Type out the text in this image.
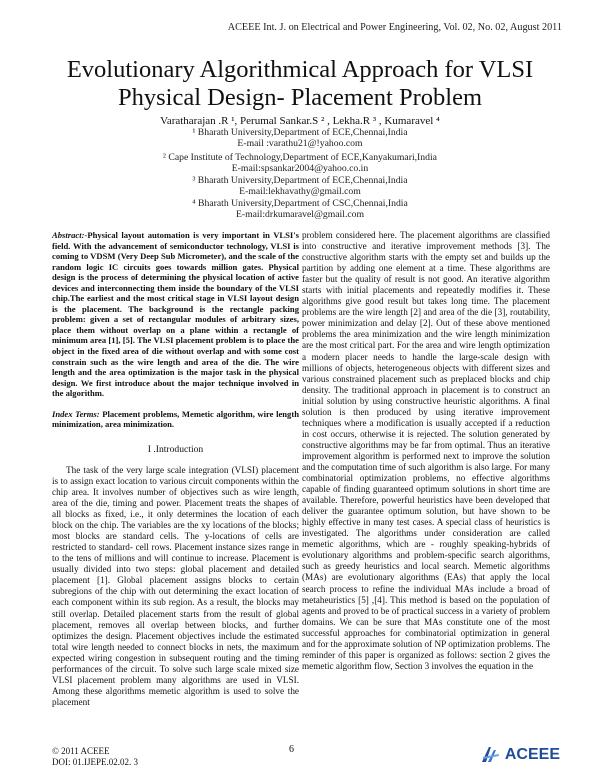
ACEEE Int. J. on Electrical and Power Engineering, Vol. 02, No. 02, August 2011
Evolutionary Algorithmical Approach for VLSI
Physical Design- Placement Problem
Varatharajan .R ¹, Perumal Sankar.S ² , Lekha.R ³ , Kumaravel ⁴
¹ Bharath University,Department of ECE,Chennai,India
E-mail :varathu21@!yahoo.com
² Cape Institute of Technology,Department of ECE,Kanyakumari,India
E-mail:spsankar2004@yahoo.co.in
³ Bharath University,Department of ECE,Chennai,India
E-mail:lekhavathy@gmail.com
⁴ Bharath University,Department of CSC,Chennai,India
E-mail:drkumaravel@gmail.com

Abstract:-Physical layout automation is very important in VLSI's field. With the advancement of semiconductor technology, VLSI is coming to VDSM (Very Deep Sub Micrometer), and the scale of the random logic IC circuits goes towards million gates. Physical design is the process of determining the physical location of active devices and interconnecting them inside the boundary of the VLSI chip.The earliest and the most critical stage in VLSI layout design is the placement. The background is the rectangle packing problem: given a set of rectangular modules of arbitrary sizes, place them without overlap on a plane within a rectangle of minimum area [1], [5]. The VLSI placement problem is to place the object in the fixed area of die without overlap and with some cost constrain such as the wire length and area of the die. The wire length and the area optimization is the major task in the physical design. We first introduce about the major technique involved in the algorithm.

Index Terms: Placement problems, Memetic algorithm, wire length minimization, area minimization.

I .Introduction

The task of the very large scale integration (VLSI) placement is to assign exact location to various circuit components within the chip area. It involves number of objectives such as wire length, area of the die, timing and power. Placement treats the shapes of all blocks as fixed, i.e., it only determines the location of each block on the chip. The variables are the xy locations of the blocks; most blocks are standard cells. The y-locations of cells are restricted to standard- cell rows. Placement instance sizes range in to the tens of millions and will continue to increase. Placement is usually divided into two steps: global placement and detailed placement [1]. Global placement assigns blocks to certain subregions of the chip with out determining the exact location of each component within its sub region. As a result, the blocks may still overlap. Detailed placement starts from the result of global placement, removes all overlap between blocks, and further optimizes the design. Placement objectives include the estimated total wire length needed to connect blocks in nets, the maximum expected wiring congestion in subsequent routing and the timing performances of the circuit. To solve such large scale mixed size VLSI placement problem many algorithms are used in VLSI. Among these algorithms memetic algorithm is used to solve the placement

problem considered here. The placement algorithms are classified into constructive and iterative improvement methods [3]. The constructive algorithm starts with the empty set and builds up the partition by adding one element at a time. These algorithms are faster but the quality of result is not good. An iterative algorithm starts with initial placements and repeatedly modifies it. These algorithms give good result but takes long time. The placement problems are the wire length [2] and area of the die [3], routability, power minimization and delay [2]. Out of these above mentioned problems the area minimization and the wire length minimization are the most critical part. For the area and wire length optimization a modern placer needs to handle the large-scale design with millions of objects, heterogeneous objects with different sizes and various constrained placement such as preplaced blocks and chip density. The traditional approach in placement is to construct an initial solution by using constructive heuristic algorithms. A final solution is then produced by using iterative improvement techniques where a modification is usually accepted if a reduction in cost occurs, otherwise it is rejected. The solution generated by constructive algorithms may be far from optimal. Thus an iterative improvement algorithm is performed next to improve the solution and the computation time of such algorithm is also large. For many combinatorial optimization problems, no effective algorithms capable of finding guaranteed optimum solutions in short time are available. Therefore, powerful heuristics have been developed that deliver the guarantee optimum solution, but have shown to be highly effective in many test cases. A special class of heuristics is investigated. The algorithms under consideration are called memetic algorithms, which are - roughly speaking-hybrids of evolutionary algorithms and problem-specific search algorithms, such as greedy heuristics and local search. Memetic algorithms (MAs) are evolutionary algorithms (EAs) that apply the local search process to refine the individual MAs include a broad of metaheuristics [5] ,[4]. This method is based on the population of agents and proved to be of practical success in a variety of problem domains. We can be sure that MAs constitute one of the most successful approaches for combinatorial optimization in general and for the approximate solution of NP optimization problems. The reminder of this paper is organized as follows: section 2 gives the memetic algorithm flow, Section 3 involves the equation in the

6
© 2011 ACEEE
DOI: 01.IJEPE.02.02. 3	ACEEE
